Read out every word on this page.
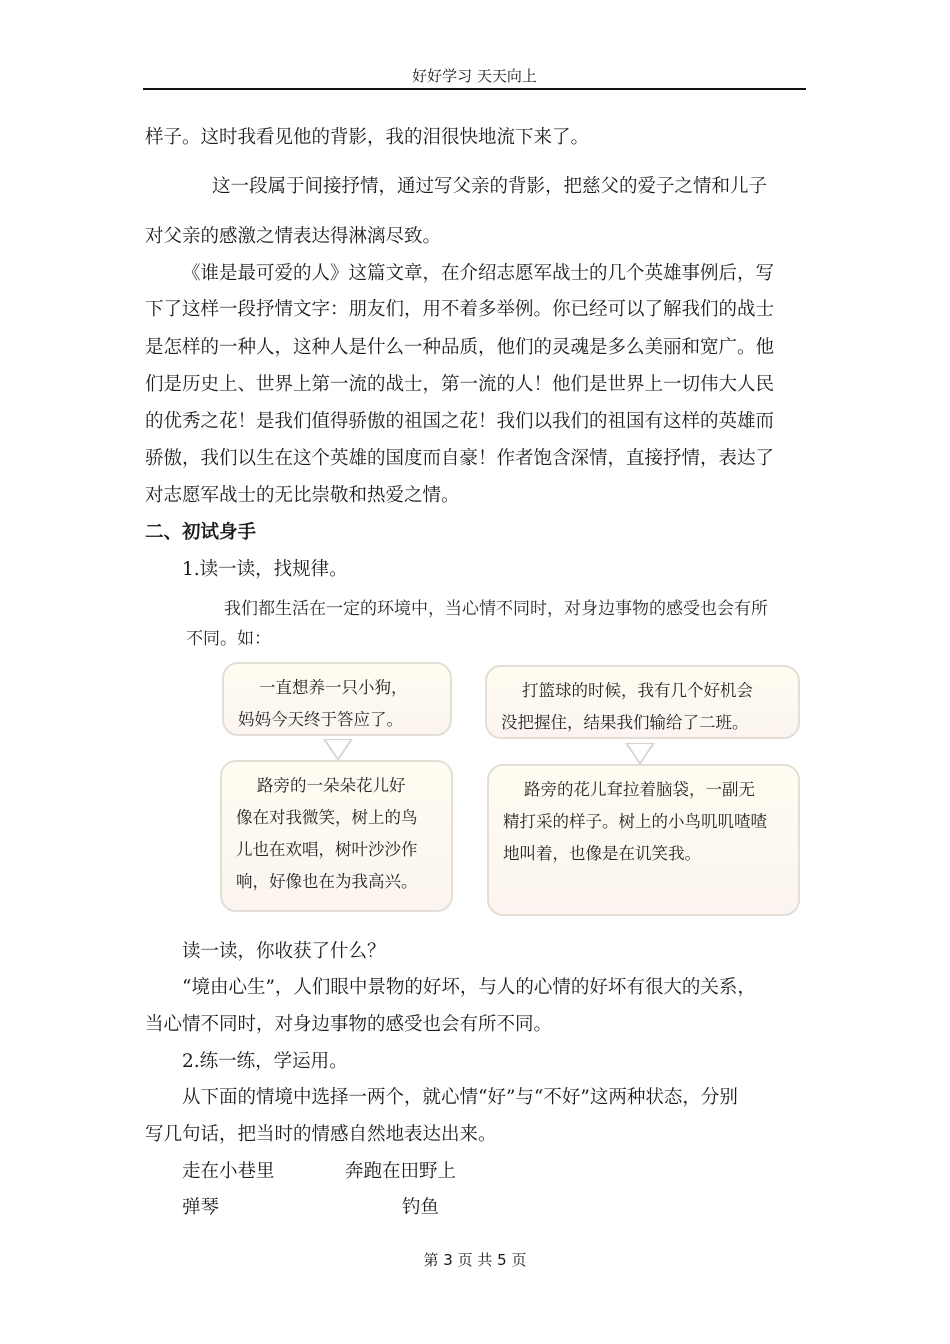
好好学习 天天向上
样子。这时我看见他的背影，我的泪很快地流下来了。
这一段属于间接抒情，通过写父亲的背影，把慈父的爱子之情和儿子
对父亲的感激之情表达得淋漓尽致。
《谁是最可爱的人》这篇文章，在介绍志愿军战士的几个英雄事例后，写
下了这样一段抒情文字：朋友们，用不着多举例。你已经可以了解我们的战士
是怎样的一种人，这种人是什么一种品质，他们的灵魂是多么美丽和宽广。他
们是历史上、世界上第一流的战士，第一流的人！他们是世界上一切伟大人民
的优秀之花！是我们值得骄傲的祖国之花！我们以我们的祖国有这样的英雄而
骄傲，我们以生在这个英雄的国度而自豪！作者饱含深情，直接抒情，表达了
对志愿军战士的无比崇敬和热爱之情。
二、初试身手
1.读一读，找规律。
我们都生活在一定的环境中，当心情不同时，对身边事物的感受也会有所
不同。如：
一直想养一只小狗，
妈妈今天终于答应了。
路旁的一朵朵花儿好
像在对我微笑，树上的鸟
儿也在欢唱，树叶沙沙作
响，好像也在为我高兴。
打篮球的时候，我有几个好机会
没把握住，结果我们输给了二班。
路旁的花儿耷拉着脑袋，一副无
精打采的样子。树上的小鸟叽叽喳喳
地叫着，也像是在讥笑我。
读一读，你收获了什么？
“境由心生”，人们眼中景物的好坏，与人的心情的好坏有很大的关系，
当心情不同时，对身边事物的感受也会有所不同。
2.练一练，学运用。
从下面的情境中选择一两个，就心情“好”与“不好”这两种状态，分别
写几句话，把当时的情感自然地表达出来。
走在小巷里	奔跑在田野上
弹琴	钓鱼
第 3 页 共 5 页
